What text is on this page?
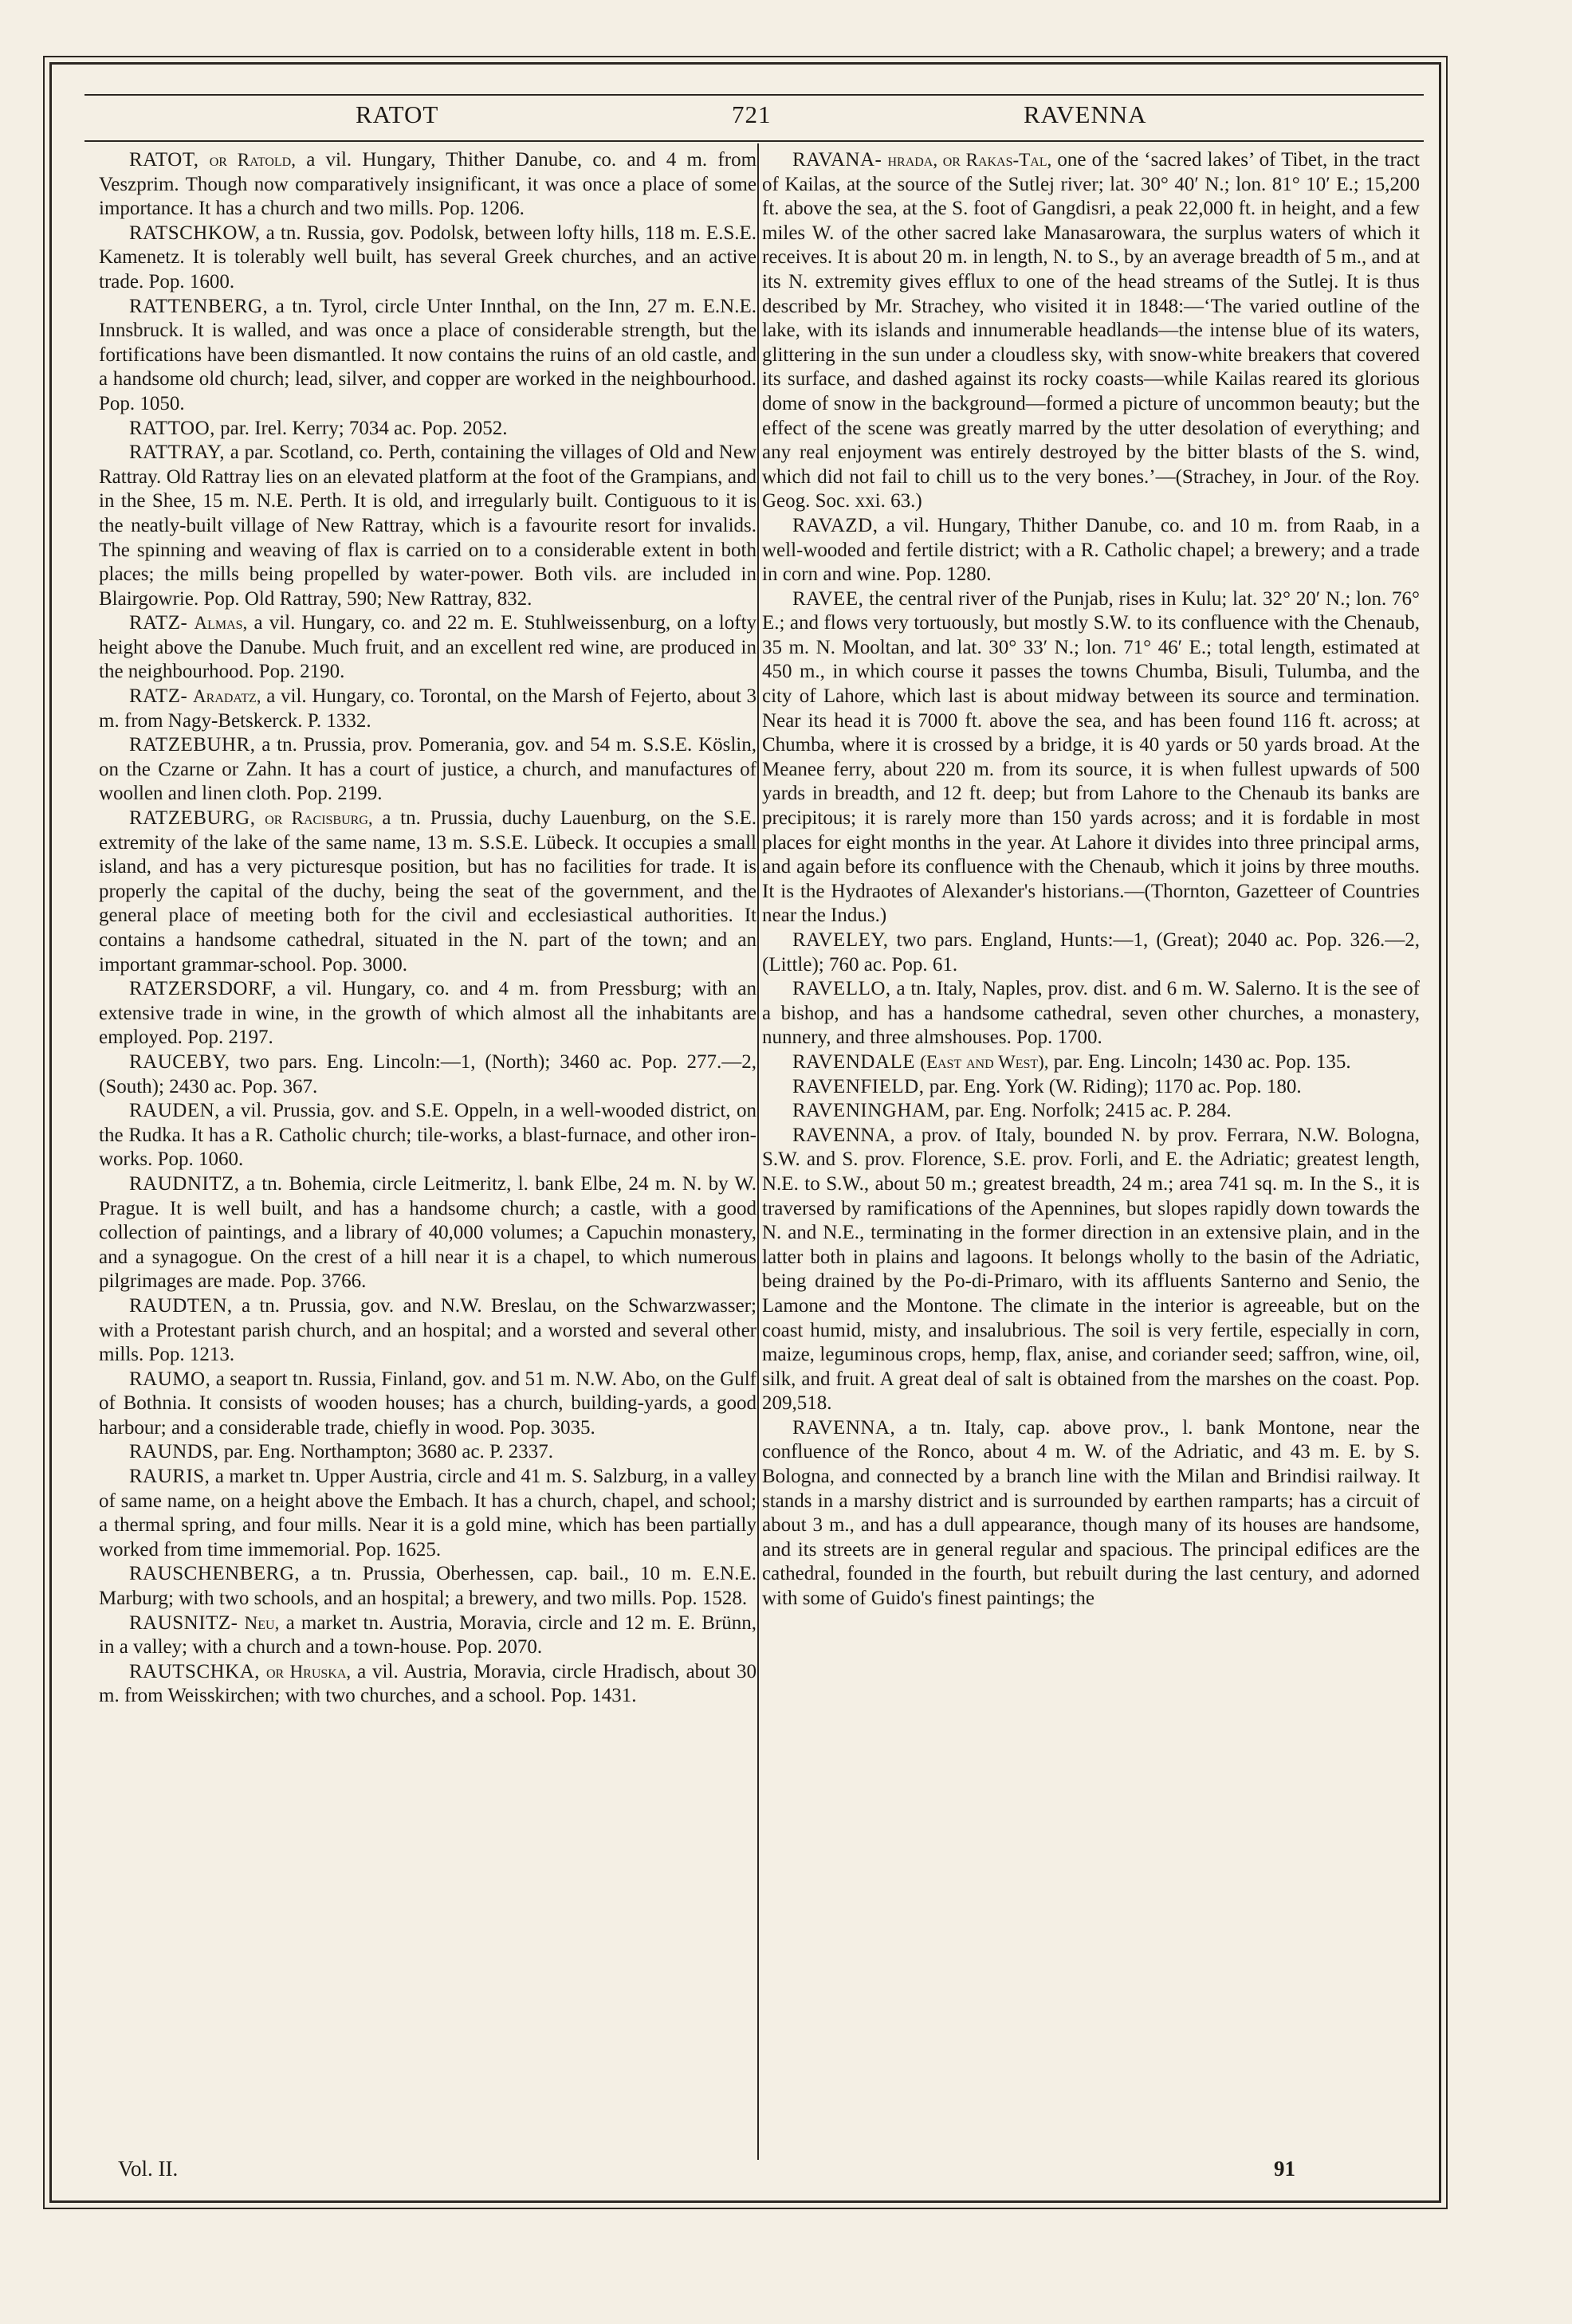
RATOT	721	RAVENNA

RATOT, or Ratold, a vil. Hungary, Thither Danube, co. and 4 m. from Veszprim. Though now comparatively insignificant, it was once a place of some importance. It has a church and two mills. Pop. 1206.

RATSCHKOW, a tn. Russia, gov. Podolsk, between lofty hills, 118 m. E.S.E. Kamenetz. It is tolerably well built, has several Greek churches, and an active trade. Pop. 1600.

RATTENBERG, a tn. Tyrol, circle Unter Innthal, on the Inn, 27 m. E.N.E. Innsbruck. It is walled, and was once a place of considerable strength, but the fortifications have been dismantled. It now contains the ruins of an old castle, and a handsome old church; lead, silver, and copper are worked in the neighbourhood. Pop. 1050.

RATTOO, par. Irel. Kerry; 7034 ac. Pop. 2052.

RATTRAY, a par. Scotland, co. Perth, containing the villages of Old and New Rattray. Old Rattray lies on an elevated platform at the foot of the Grampians, and in the Shee, 15 m. N.E. Perth. It is old, and irregularly built. Contiguous to it is the neatly-built village of New Rattray, which is a favourite resort for invalids. The spinning and weaving of flax is carried on to a considerable extent in both places; the mills being propelled by water-power. Both vils. are included in Blairgowrie. Pop. Old Rattray, 590; New Rattray, 832.

RATZ- Almas, a vil. Hungary, co. and 22 m. E. Stuhlweissenburg, on a lofty height above the Danube. Much fruit, and an excellent red wine, are produced in the neighbourhood. Pop. 2190.

RATZ- Aradatz, a vil. Hungary, co. Torontal, on the Marsh of Fejerto, about 3 m. from Nagy-Betskerck. P. 1332.

RATZEBUHR, a tn. Prussia, prov. Pomerania, gov. and 54 m. S.S.E. Köslin, on the Czarne or Zahn. It has a court of justice, a church, and manufactures of woollen and linen cloth. Pop. 2199.

RATZEBURG, or Racisburg, a tn. Prussia, duchy Lauenburg, on the S.E. extremity of the lake of the same name, 13 m. S.S.E. Lübeck. It occupies a small island, and has a very picturesque position, but has no facilities for trade. It is properly the capital of the duchy, being the seat of the government, and the general place of meeting both for the civil and ecclesiastical authorities. It contains a handsome cathedral, situated in the N. part of the town; and an important grammar-school. Pop. 3000.

RATZERSDORF, a vil. Hungary, co. and 4 m. from Pressburg; with an extensive trade in wine, in the growth of which almost all the inhabitants are employed. Pop. 2197.

RAUCEBY, two pars. Eng. Lincoln:—1, (North); 3460 ac. Pop. 277.—2, (South); 2430 ac. Pop. 367.

RAUDEN, a vil. Prussia, gov. and S.E. Oppeln, in a well-wooded district, on the Rudka. It has a R. Catholic church; tile-works, a blast-furnace, and other iron-works. Pop. 1060.

RAUDNITZ, a tn. Bohemia, circle Leitmeritz, l. bank Elbe, 24 m. N. by W. Prague. It is well built, and has a handsome church; a castle, with a good collection of paintings, and a library of 40,000 volumes; a Capuchin monastery, and a synagogue. On the crest of a hill near it is a chapel, to which numerous pilgrimages are made. Pop. 3766.

RAUDTEN, a tn. Prussia, gov. and N.W. Breslau, on the Schwarzwasser; with a Protestant parish church, and an hospital; and a worsted and several other mills. Pop. 1213.

RAUMO, a seaport tn. Russia, Finland, gov. and 51 m. N.W. Abo, on the Gulf of Bothnia. It consists of wooden houses; has a church, building-yards, a good harbour; and a considerable trade, chiefly in wood. Pop. 3035.

RAUNDS, par. Eng. Northampton; 3680 ac. P. 2337.

RAURIS, a market tn. Upper Austria, circle and 41 m. S. Salzburg, in a valley of same name, on a height above the Embach. It has a church, chapel, and school; a thermal spring, and four mills. Near it is a gold mine, which has been partially worked from time immemorial. Pop. 1625.

RAUSCHENBERG, a tn. Prussia, Oberhessen, cap. bail., 10 m. E.N.E. Marburg; with two schools, and an hospital; a brewery, and two mills. Pop. 1528.

RAUSNITZ- Neu, a market tn. Austria, Moravia, circle and 12 m. E. Brünn, in a valley; with a church and a town-house. Pop. 2070.

RAUTSCHKA, or Hruska, a vil. Austria, Moravia, circle Hradisch, about 30 m. from Weisskirchen; with two churches, and a school. Pop. 1431.

RAVANA- hrada, or Rakas-Tal, one of the ‘sacred lakes’ of Tibet, in the tract of Kailas, at the source of the Sutlej river; lat. 30° 40′ N.; lon. 81° 10′ E.; 15,200 ft. above the sea, at the S. foot of Gangdisri, a peak 22,000 ft. in height, and a few miles W. of the other sacred lake Manasarowara, the surplus waters of which it receives. It is about 20 m. in length, N. to S., by an average breadth of 5 m., and at its N. extremity gives efflux to one of the head streams of the Sutlej. It is thus described by Mr. Strachey, who visited it in 1848:—‘The varied outline of the lake, with its islands and innumerable headlands—the intense blue of its waters, glittering in the sun under a cloudless sky, with snow-white breakers that covered its surface, and dashed against its rocky coasts—while Kailas reared its glorious dome of snow in the background—formed a picture of uncommon beauty; but the effect of the scene was greatly marred by the utter desolation of everything; and any real enjoyment was entirely destroyed by the bitter blasts of the S. wind, which did not fail to chill us to the very bones.’—(Strachey, in Jour. of the Roy. Geog. Soc. xxi. 63.)

RAVAZD, a vil. Hungary, Thither Danube, co. and 10 m. from Raab, in a well-wooded and fertile district; with a R. Catholic chapel; a brewery; and a trade in corn and wine. Pop. 1280.

RAVEE, the central river of the Punjab, rises in Kulu; lat. 32° 20′ N.; lon. 76° E.; and flows very tortuously, but mostly S.W. to its confluence with the Chenaub, 35 m. N. Mooltan, and lat. 30° 33′ N.; lon. 71° 46′ E.; total length, estimated at 450 m., in which course it passes the towns Chumba, Bisuli, Tulumba, and the city of Lahore, which last is about midway between its source and termination. Near its head it is 7000 ft. above the sea, and has been found 116 ft. across; at Chumba, where it is crossed by a bridge, it is 40 yards or 50 yards broad. At the Meanee ferry, about 220 m. from its source, it is when fullest upwards of 500 yards in breadth, and 12 ft. deep; but from Lahore to the Chenaub its banks are precipitous; it is rarely more than 150 yards across; and it is fordable in most places for eight months in the year. At Lahore it divides into three principal arms, and again before its confluence with the Chenaub, which it joins by three mouths. It is the Hydraotes of Alexander's historians.—(Thornton, Gazetteer of Countries near the Indus.)

RAVELEY, two pars. England, Hunts:—1, (Great); 2040 ac. Pop. 326.—2, (Little); 760 ac. Pop. 61.

RAVELLO, a tn. Italy, Naples, prov. dist. and 6 m. W. Salerno. It is the see of a bishop, and has a handsome cathedral, seven other churches, a monastery, nunnery, and three almshouses. Pop. 1700.

RAVENDALE (East and West), par. Eng. Lincoln; 1430 ac. Pop. 135.

RAVENFIELD, par. Eng. York (W. Riding); 1170 ac. Pop. 180.

RAVENINGHAM, par. Eng. Norfolk; 2415 ac. P. 284.

RAVENNA, a prov. of Italy, bounded N. by prov. Ferrara, N.W. Bologna, S.W. and S. prov. Florence, S.E. prov. Forli, and E. the Adriatic; greatest length, N.E. to S.W., about 50 m.; greatest breadth, 24 m.; area 741 sq. m. In the S., it is traversed by ramifications of the Apennines, but slopes rapidly down towards the N. and N.E., terminating in the former direction in an extensive plain, and in the latter both in plains and lagoons. It belongs wholly to the basin of the Adriatic, being drained by the Po-di-Primaro, with its affluents Santerno and Senio, the Lamone and the Montone. The climate in the interior is agreeable, but on the coast humid, misty, and insalubrious. The soil is very fertile, especially in corn, maize, leguminous crops, hemp, flax, anise, and coriander seed; saffron, wine, oil, silk, and fruit. A great deal of salt is obtained from the marshes on the coast. Pop. 209,518.

RAVENNA, a tn. Italy, cap. above prov., l. bank Montone, near the confluence of the Ronco, about 4 m. W. of the Adriatic, and 43 m. E. by S. Bologna, and connected by a branch line with the Milan and Brindisi railway. It stands in a marshy district and is surrounded by earthen ramparts; has a circuit of about 3 m., and has a dull appearance, though many of its houses are handsome, and its streets are in general regular and spacious. The principal edifices are the cathedral, founded in the fourth, but rebuilt during the last century, and adorned with some of Guido's finest paintings; the

Vol. II.	91
